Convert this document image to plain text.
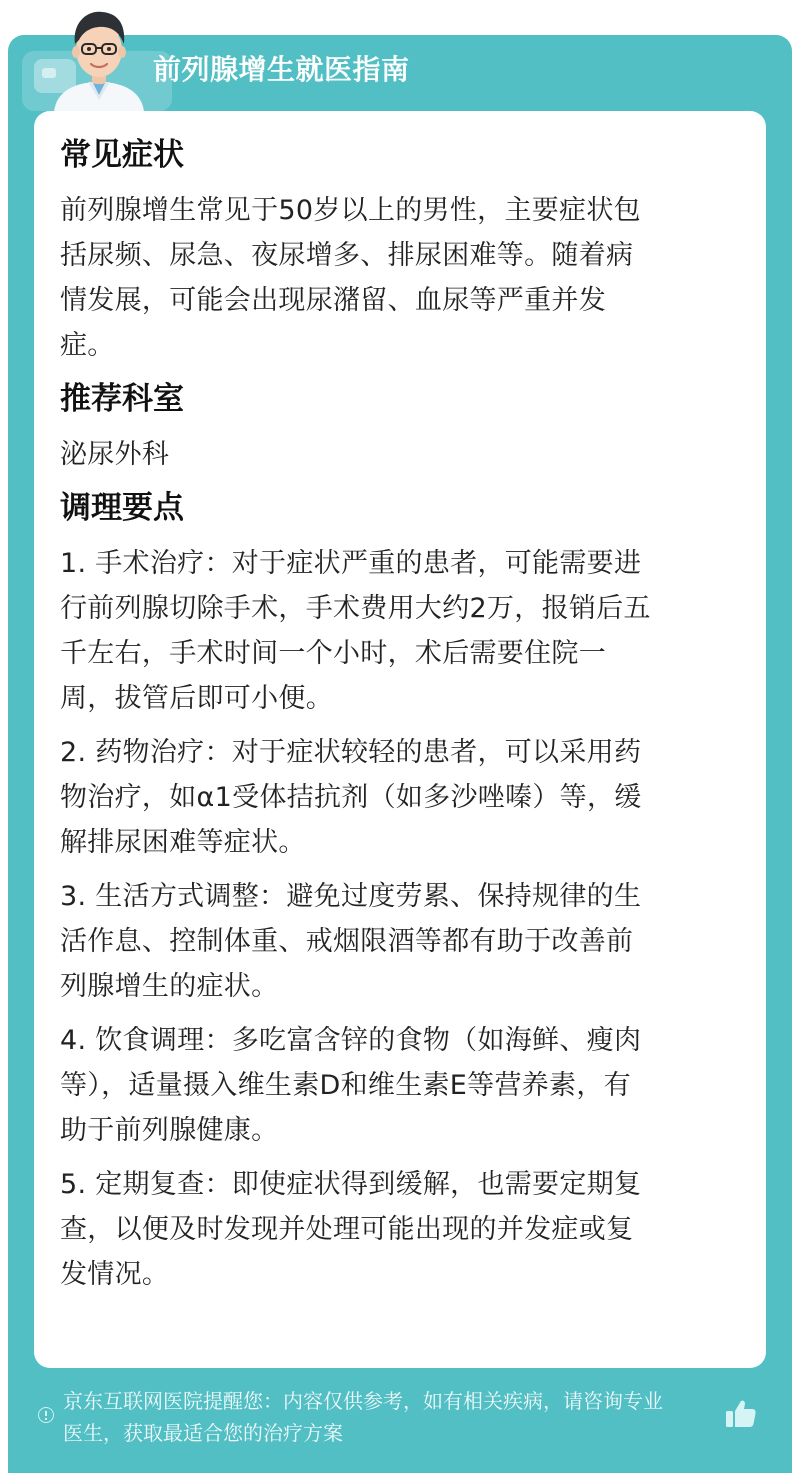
前列腺增生就医指南
京东互联网医院提醒您：内容仅供参考，如有相关疾病，请咨询专业
医生，获取最适合您的治疗方案
常见症状

前列腺增生常见于50岁以上的男性，主要症状包
括尿频、尿急、夜尿增多、排尿困难等。随着病
情发展，可能会出现尿潴留、血尿等严重并发
症。

推荐科室

泌尿外科

调理要点

1. 手术治疗：对于症状严重的患者，可能需要进
行前列腺切除手术，手术费用大约2万，报销后五
千左右，手术时间一个小时，术后需要住院一
周，拔管后即可小便。

2. 药物治疗：对于症状较轻的患者，可以采用药
物治疗，如α1受体拮抗剂（如多沙唑嗪）等，缓
解排尿困难等症状。

3. 生活方式调整：避免过度劳累、保持规律的生
活作息、控制体重、戒烟限酒等都有助于改善前
列腺增生的症状。

4. 饮食调理：多吃富含锌的食物（如海鲜、瘦肉
等），适量摄入维生素D和维生素E等营养素，有
助于前列腺健康。

5. 定期复查：即使症状得到缓解，也需要定期复
查，以便及时发现并处理可能出现的并发症或复
发情况。
